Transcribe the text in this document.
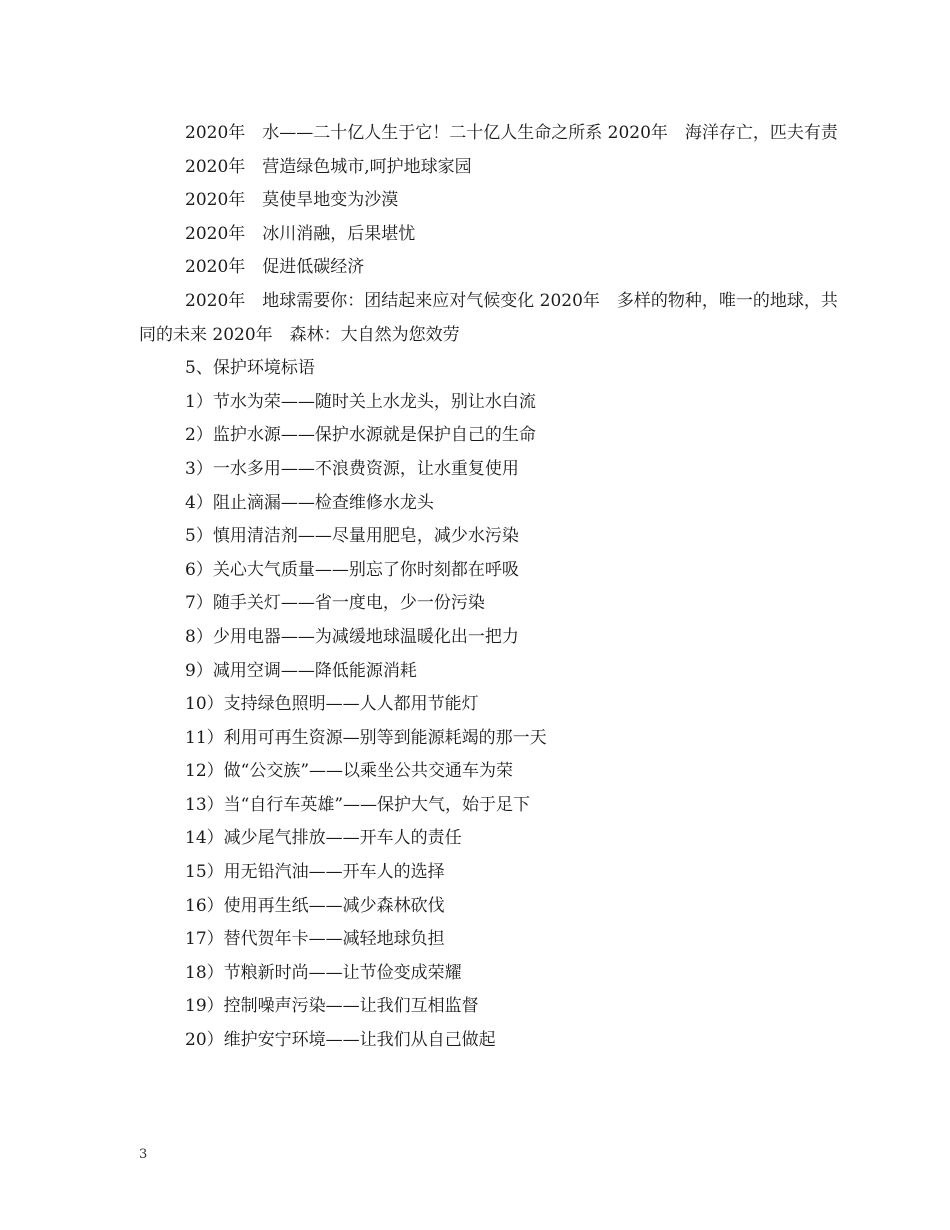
2020年　水——二十亿人生于它！二十亿人生命之所系 2020年　海洋存亡，匹夫有责

2020年　营造绿色城市,呵护地球家园

2020年　莫使旱地变为沙漠

2020年　冰川消融，后果堪忧

2020年　促进低碳经济

2020年　地球需要你：团结起来应对气候变化 2020年　多样的物种，唯一的地球，共同的未来 2020年　森林：大自然为您效劳

5、保护环境标语

1）节水为荣——随时关上水龙头，别让水白流

2）监护水源——保护水源就是保护自己的生命

3）一水多用——不浪费资源，让水重复使用

4）阻止滴漏——检查维修水龙头

5）慎用清洁剂——尽量用肥皂，减少水污染

6）关心大气质量——别忘了你时刻都在呼吸

7）随手关灯——省一度电，少一份污染

8）少用电器——为减缓地球温暖化出一把力

9）减用空调——降低能源消耗

10）支持绿色照明——人人都用节能灯

11）利用可再生资源—别等到能源耗竭的那一天

12）做“公交族”——以乘坐公共交通车为荣

13）当“自行车英雄”——保护大气，始于足下

14）减少尾气排放——开车人的责任

15）用无铅汽油——开车人的选择

16）使用再生纸——减少森林砍伐

17）替代贺年卡——减轻地球负担

18）节粮新时尚——让节俭变成荣耀

19）控制噪声污染——让我们互相监督

20）维护安宁环境——让我们从自己做起

3
